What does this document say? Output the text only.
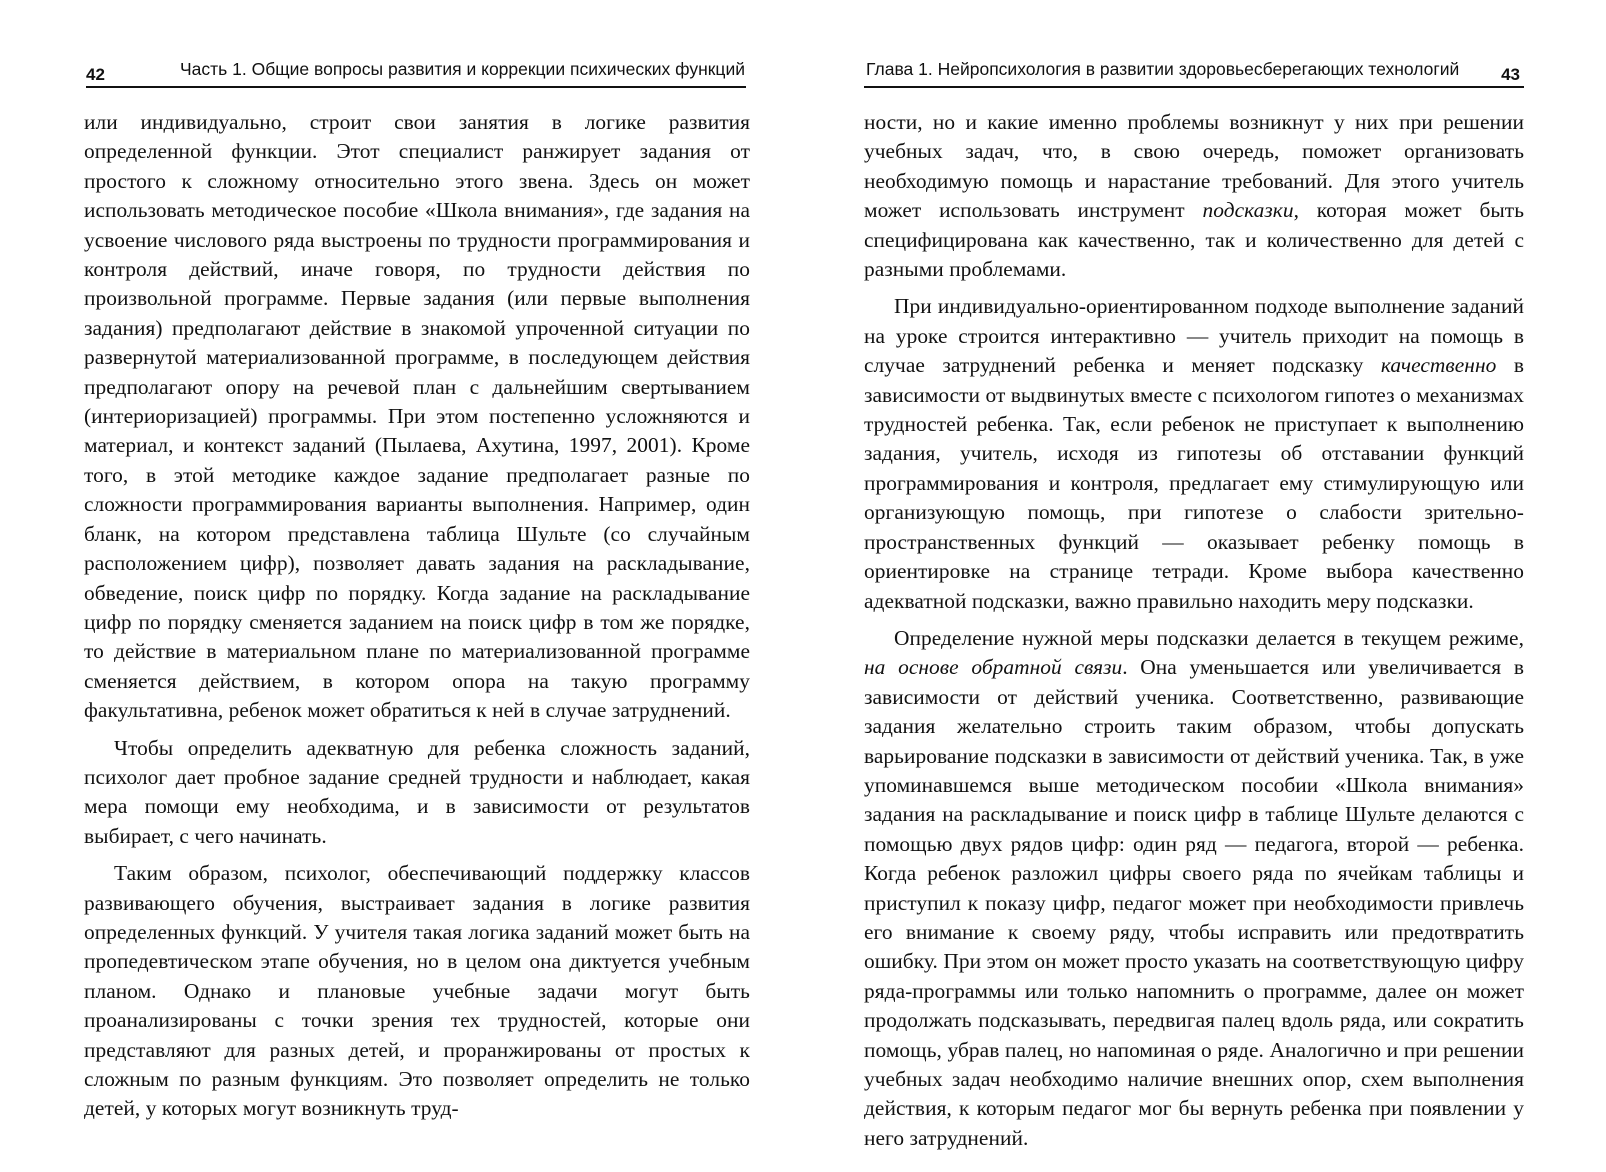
42	Часть 1. Общие вопросы развития и коррекции психических функций

или индивидуально, строит свои занятия в логике развития определенной функции. Этот специалист ранжирует задания от простого к сложному относительно этого звена. Здесь он может использовать методическое пособие «Школа внимания», где задания на усвоение числового ряда выстроены по трудности программирования и контроля действий, иначе говоря, по трудности действия по произвольной программе. Первые задания (или первые выполнения задания) предполагают действие в знакомой упроченной ситуации по развернутой материализованной программе, в последующем действия предполагают опору на речевой план с дальнейшим свертыванием (интериоризацией) программы. При этом постепенно усложняются и материал, и контекст заданий (Пылаева, Ахутина, 1997, 2001). Кроме того, в этой методике каждое задание предполагает разные по сложности программирования варианты выполнения. Например, один бланк, на котором представлена таблица Шульте (со случайным расположением цифр), позволяет давать задания на раскладывание, обведение, поиск цифр по порядку. Когда задание на раскладывание цифр по порядку сменяется заданием на поиск цифр в том же порядке, то действие в материальном плане по материализованной программе сменяется действием, в котором опора на такую программу факультативна, ребенок может обратиться к ней в случае затруднений.

Чтобы определить адекватную для ребенка сложность заданий, психолог дает пробное задание средней трудности и наблюдает, какая мера помощи ему необходима, и в зависимости от результатов выбирает, с чего начинать.

Таким образом, психолог, обеспечивающий поддержку классов развивающего обучения, выстраивает задания в логике развития определенных функций. У учителя такая логика заданий может быть на пропедевтическом этапе обучения, но в целом она диктуется учебным планом. Однако и плановые учебные задачи могут быть проанализированы с точки зрения тех трудностей, которые они представляют для разных детей, и проранжированы от простых к сложным по разным функциям. Это позволяет определить не только детей, у которых могут возникнуть труд-

Глава 1. Нейропсихология в развитии здоровьесберегающих технологий 43

ности, но и какие именно проблемы возникнут у них при решении учебных задач, что, в свою очередь, поможет организовать необходимую помощь и нарастание требований. Для этого учитель может использовать инструмент подсказки, которая может быть специфицирована как качественно, так и количественно для детей с разными проблемами.

При индивидуально-ориентированном подходе выполнение заданий на уроке строится интерактивно — учитель приходит на помощь в случае затруднений ребенка и меняет подсказку качественно в зависимости от выдвинутых вместе с психологом гипотез о механизмах трудностей ребенка. Так, если ребенок не приступает к выполнению задания, учитель, исходя из гипотезы об отставании функций программирования и контроля, предлагает ему стимулирующую или организующую помощь, при гипотезе о слабости зрительно-пространственных функций — оказывает ребенку помощь в ориентировке на странице тетради. Кроме выбора качественно адекватной подсказки, важно правильно находить меру подсказки.

Определение нужной меры подсказки делается в текущем режиме, на основе обратной связи. Она уменьшается или увеличивается в зависимости от действий ученика. Соответственно, развивающие задания желательно строить таким образом, чтобы допускать варьирование подсказки в зависимости от действий ученика. Так, в уже упоминавшемся выше методическом пособии «Школа внимания» задания на раскладывание и поиск цифр в таблице Шульте делаются с помощью двух рядов цифр: один ряд — педагога, второй — ребенка. Когда ребенок разложил цифры своего ряда по ячейкам таблицы и приступил к показу цифр, педагог может при необходимости привлечь его внимание к своему ряду, чтобы исправить или предотвратить ошибку. При этом он может просто указать на соответствующую цифру ряда-программы или только напомнить о программе, далее он может продолжать подсказывать, передвигая палец вдоль ряда, или сократить помощь, убрав палец, но напоминая о ряде. Аналогично и при решении учебных задач необходимо наличие внешних опор, схем выполнения действия, к которым педагог мог бы вернуть ребенка при появлении у него затруднений.
